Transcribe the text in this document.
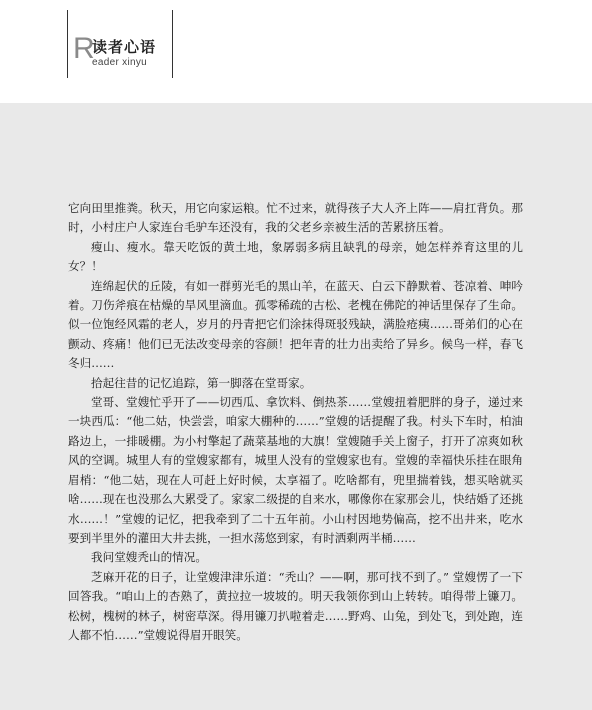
R
读者心语
eader xinyu

它向田里推粪。秋天，用它向家运粮。忙不过来，就得孩子大人齐上阵——肩扛背负。那时，小村庄户人家连台毛驴车还没有，我的父老乡亲被生活的苦累挤压着。

瘦山、瘦水。靠天吃饭的黄土地，象孱弱多病且缺乳的母亲，她怎样养育这里的儿女？！

连绵起伏的丘陵，有如一群剪光毛的黑山羊，在蓝天、白云下静默着、苍凉着、呻吟着。刀伤斧痕在枯燥的旱风里滴血。孤零稀疏的古松、老槐在佛陀的神话里保存了生命。似一位饱经风霜的老人，岁月的丹青把它们涂抹得斑驳残缺，满脸疮痍……哥弟们的心在颤动、疼痛！他们已无法改变母亲的容颜！把年青的壮力出卖给了异乡。候鸟一样，春飞冬归……

拾起往昔的记忆追踪，第一脚落在堂哥家。

堂哥、堂嫂忙乎开了——切西瓜、拿饮料、倒热茶……堂嫂扭着肥胖的身子，递过来一块西瓜：“他二姑，快尝尝，咱家大棚种的……”堂嫂的话提醒了我。村头下车时，柏油路边上，一排暖棚。为小村擎起了蔬菜基地的大旗！堂嫂随手关上窗子，打开了凉爽如秋风的空调。城里人有的堂嫂家都有，城里人没有的堂嫂家也有。堂嫂的幸福快乐挂在眼角眉梢：“他二姑，现在人可赶上好时候，太享福了。吃啥都有，兜里揣着钱，想买啥就买啥……现在也没那么大累受了。家家二级提的自来水，哪像你在家那会儿，快结婚了还挑水……！”堂嫂的记忆，把我牵到了二十五年前。小山村因地势偏高，挖不出井来，吃水要到半里外的灌田大井去挑，一担水荡悠到家，有时洒剩两半桶……

我问堂嫂秃山的情况。

芝麻开花的日子，让堂嫂津津乐道：“秃山？——啊，那可找不到了。” 堂嫂愣了一下回答我。“咱山上的杏熟了，黄拉拉一坡坡的。明天我领你到山上转转。咱得带上镰刀。松树，槐树的林子，树密草深。得用镰刀扒啦着走……野鸡、山兔，到处飞，到处跑，连人都不怕……”堂嫂说得眉开眼笑。
